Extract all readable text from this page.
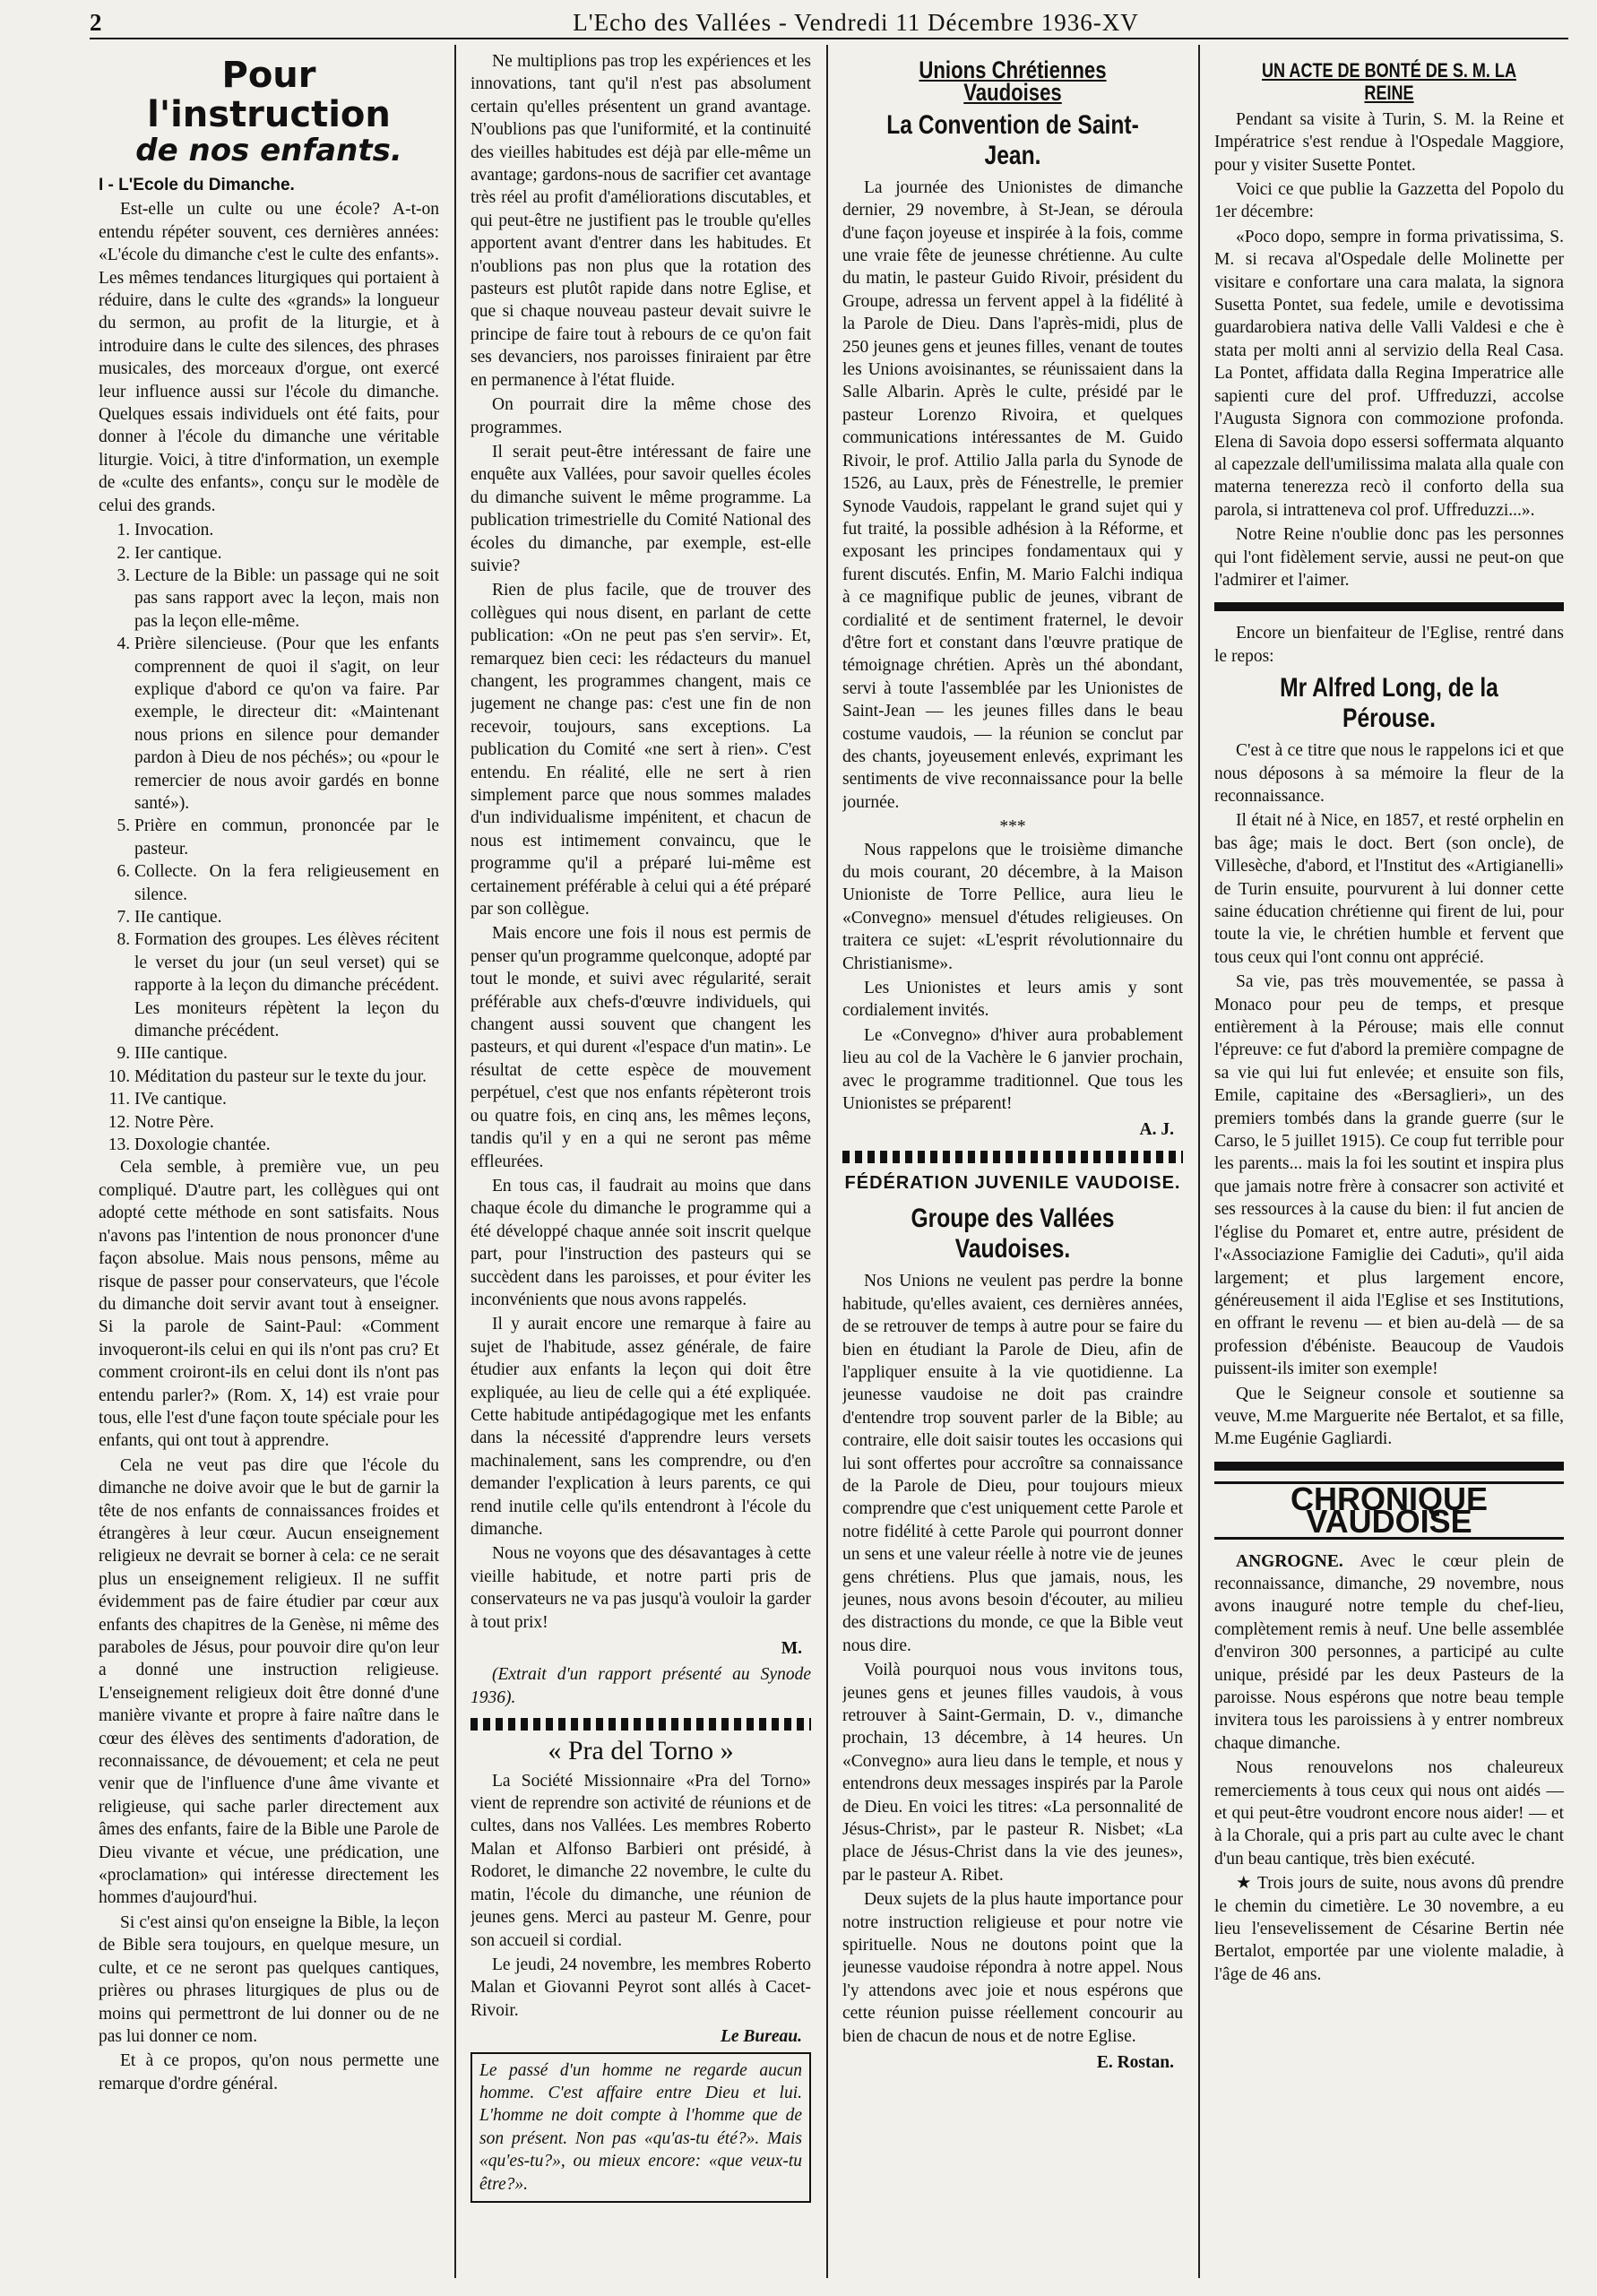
2	L'Echo des Vallées - Vendredi 11 Décembre 1936-XV
Pour l'instruction
de nos enfants.
I - L'Ecole du Dimanche.

Est-elle un culte ou une école? A-t-on entendu répéter souvent, ces dernières années: «L'école du dimanche c'est le culte des enfants». Les mêmes tendances liturgiques qui portaient à réduire, dans le culte des «grands» la longueur du sermon, au profit de la liturgie, et à introduire dans le culte des silences, des phrases musicales, des morceaux d'orgue, ont exercé leur influence aussi sur l'école du dimanche. Quelques essais individuels ont été faits, pour donner à l'école du dimanche une véritable liturgie. Voici, à titre d'information, un exemple de «culte des enfants», conçu sur le modèle de celui des grands.

1. Invocation.
2. Ier cantique.
3. Lecture de la Bible: un passage qui ne soit pas sans rapport avec la leçon, mais non pas la leçon elle-même.
4. Prière silencieuse. (Pour que les enfants comprennent de quoi il s'agit, on leur explique d'abord ce qu'on va faire. Par exemple, le directeur dit: «Maintenant nous prions en silence pour demander pardon à Dieu de nos péchés»; ou «pour le remercier de nous avoir gardés en bonne santé»).
5. Prière en commun, prononcée par le pasteur.
6. Collecte. On la fera religieusement en silence.
7. IIe cantique.
8. Formation des groupes. Les élèves récitent le verset du jour (un seul verset) qui se rapporte à la leçon du dimanche précédent. Les moniteurs répètent la leçon du dimanche précédent.
9. IIIe cantique.
10. Méditation du pasteur sur le texte du jour.
11. IVe cantique.
12. Notre Père.
13. Doxologie chantée.

Cela semble, à première vue, un peu compliqué. D'autre part, les collègues qui ont adopté cette méthode en sont satisfaits. Nous n'avons pas l'intention de nous prononcer d'une façon absolue. Mais nous pensons, même au risque de passer pour conservateurs, que l'école du dimanche doit servir avant tout à enseigner. Si la parole de Saint-Paul: «Comment invoqueront-ils celui en qui ils n'ont pas cru? Et comment croiront-ils en celui dont ils n'ont pas entendu parler?» (Rom. X, 14) est vraie pour tous, elle l'est d'une façon toute spéciale pour les enfants, qui ont tout à apprendre.

Cela ne veut pas dire que l'école du dimanche ne doive avoir que le but de garnir la tête de nos enfants de connaissances froides et étrangères à leur cœur. Aucun enseignement religieux ne devrait se borner à cela: ce ne serait plus un enseignement religieux. Il ne suffit évidemment pas de faire étudier par cœur aux enfants des chapitres de la Genèse, ni même des paraboles de Jésus, pour pouvoir dire qu'on leur a donné une instruction religieuse. L'enseignement religieux doit être donné d'une manière vivante et propre à faire naître dans le cœur des élèves des sentiments d'adoration, de reconnaissance, de dévouement; et cela ne peut venir que de l'influence d'une âme vivante et religieuse, qui sache parler directement aux âmes des enfants, faire de la Bible une Parole de Dieu vivante et vécue, une prédication, une «proclamation» qui intéresse directement les hommes d'aujourd'hui.

Si c'est ainsi qu'on enseigne la Bible, la leçon de Bible sera toujours, en quelque mesure, un culte, et ce ne seront pas quelques cantiques, prières ou phrases liturgiques de plus ou de moins qui permettront de lui donner ou de ne pas lui donner ce nom.

Et à ce propos, qu'on nous permette une remarque d'ordre général.

Ne multiplions pas trop les expériences et les innovations, tant qu'il n'est pas absolument certain qu'elles présentent un grand avantage. N'oublions pas que l'uniformité, et la continuité des vieilles habitudes est déjà par elle-même un avantage; gardons-nous de sacrifier cet avantage très réel au profit d'améliorations discutables, et qui peut-être ne justifient pas le trouble qu'elles apportent avant d'entrer dans les habitudes. Et n'oublions pas non plus que la rotation des pasteurs est plutôt rapide dans notre Eglise, et que si chaque nouveau pasteur devait suivre le principe de faire tout à rebours de ce qu'on fait ses devanciers, nos paroisses finiraient par être en permanence à l'état fluide.

On pourrait dire la même chose des programmes.

Il serait peut-être intéressant de faire une enquête aux Vallées, pour savoir quelles écoles du dimanche suivent le même programme. La publication trimestrielle du Comité National des écoles du dimanche, par exemple, est-elle suivie?

Rien de plus facile, que de trouver des collègues qui nous disent, en parlant de cette publication: «On ne peut pas s'en servir». Et, remarquez bien ceci: les rédacteurs du manuel changent, les programmes changent, mais ce jugement ne change pas: c'est une fin de non recevoir, toujours, sans exceptions. La publication du Comité «ne sert à rien». C'est entendu. En réalité, elle ne sert à rien simplement parce que nous sommes malades d'un individualisme impénitent, et chacun de nous est intimement convaincu, que le programme qu'il a préparé lui-même est certainement préférable à celui qui a été préparé par son collègue.

Mais encore une fois il nous est permis de penser qu'un programme quelconque, adopté par tout le monde, et suivi avec régularité, serait préférable aux chefs-d'œuvre individuels, qui changent aussi souvent que changent les pasteurs, et qui durent «l'espace d'un matin». Le résultat de cette espèce de mouvement perpétuel, c'est que nos enfants répèteront trois ou quatre fois, en cinq ans, les mêmes leçons, tandis qu'il y en a qui ne seront pas même effleurées.

En tous cas, il faudrait au moins que dans chaque école du dimanche le programme qui a été développé chaque année soit inscrit quelque part, pour l'instruction des pasteurs qui se succèdent dans les paroisses, et pour éviter les inconvénients que nous avons rappelés.

Il y aurait encore une remarque à faire au sujet de l'habitude, assez générale, de faire étudier aux enfants la leçon qui doit être expliquée, au lieu de celle qui a été expliquée. Cette habitude antipédagogique met les enfants dans la nécessité d'apprendre leurs versets machinalement, sans les comprendre, ou d'en demander l'explication à leurs parents, ce qui rend inutile celle qu'ils entendront à l'école du dimanche.

Nous ne voyons que des désavantages à cette vieille habitude, et notre parti pris de conservateurs ne va pas jusqu'à vouloir la garder à tout prix!

M.

(Extrait d'un rapport présenté au Synode 1936).

« Pra del Torno »

La Société Missionnaire «Pra del Torno» vient de reprendre son activité de réunions et de cultes, dans nos Vallées. Les membres Roberto Malan et Alfonso Barbieri ont présidé, à Rodoret, le dimanche 22 novembre, le culte du matin, l'école du dimanche, une réunion de jeunes gens. Merci au pasteur M. Genre, pour son accueil si cordial.

Le jeudi, 24 novembre, les membres Roberto Malan et Giovanni Peyrot sont allés à Cacet-Rivoir.

Le Bureau.
Le passé d'un homme ne regarde aucun homme. C'est affaire entre Dieu et lui. L'homme ne doit compte à l'homme que de son présent. Non pas «qu'as-tu été?». Mais «qu'es-tu?», ou mieux encore: «que veux-tu être?».
Unions Chrétiennes Vaudoises
La Convention de Saint-Jean.

La journée des Unionistes de dimanche dernier, 29 novembre, à St-Jean, se déroula d'une façon joyeuse et inspirée à la fois, comme une vraie fête de jeunesse chrétienne. Au culte du matin, le pasteur Guido Rivoir, président du Groupe, adressa un fervent appel à la fidélité à la Parole de Dieu. Dans l'après-midi, plus de 250 jeunes gens et jeunes filles, venant de toutes les Unions avoisinantes, se réunissaient dans la Salle Albarin. Après le culte, présidé par le pasteur Lorenzo Rivoira, et quelques communications intéressantes de M. Guido Rivoir, le prof. Attilio Jalla parla du Synode de 1526, au Laux, près de Fénestrelle, le premier Synode Vaudois, rappelant le grand sujet qui y fut traité, la possible adhésion à la Réforme, et exposant les principes fondamentaux qui y furent discutés. Enfin, M. Mario Falchi indiqua à ce magnifique public de jeunes, vibrant de cordialité et de sentiment fraternel, le devoir d'être fort et constant dans l'œuvre pratique de témoignage chrétien. Après un thé abondant, servi à toute l'assemblée par les Unionistes de Saint-Jean — les jeunes filles dans le beau costume vaudois, — la réunion se conclut par des chants, joyeusement enlevés, exprimant les sentiments de vive reconnaissance pour la belle journée.

***

Nous rappelons que le troisième dimanche du mois courant, 20 décembre, à la Maison Unioniste de Torre Pellice, aura lieu le «Convegno» mensuel d'études religieuses. On traitera ce sujet: «L'esprit révolutionnaire du Christianisme».

Les Unionistes et leurs amis y sont cordialement invités.

Le «Convegno» d'hiver aura probablement lieu au col de la Vachère le 6 janvier prochain, avec le programme traditionnel. Que tous les Unionistes se préparent!

A. J.
FÉDÉRATION JUVENILE VAUDOISE.
Groupe des Vallées Vaudoises.

Nos Unions ne veulent pas perdre la bonne habitude, qu'elles avaient, ces dernières années, de se retrouver de temps à autre pour se faire du bien en étudiant la Parole de Dieu, afin de l'appliquer ensuite à la vie quotidienne. La jeunesse vaudoise ne doit pas craindre d'entendre trop souvent parler de la Bible; au contraire, elle doit saisir toutes les occasions qui lui sont offertes pour accroître sa connaissance de la Parole de Dieu, pour toujours mieux comprendre que c'est uniquement cette Parole et notre fidélité à cette Parole qui pourront donner un sens et une valeur réelle à notre vie de jeunes gens chrétiens. Plus que jamais, nous, les jeunes, nous avons besoin d'écouter, au milieu des distractions du monde, ce que la Bible veut nous dire.

Voilà pourquoi nous vous invitons tous, jeunes gens et jeunes filles vaudois, à vous retrouver à Saint-Germain, D. v., dimanche prochain, 13 décembre, à 14 heures. Un «Convegno» aura lieu dans le temple, et nous y entendrons deux messages inspirés par la Parole de Dieu. En voici les titres: «La personnalité de Jésus-Christ», par le pasteur R. Nisbet; «La place de Jésus-Christ dans la vie des jeunes», par le pasteur A. Ribet.

Deux sujets de la plus haute importance pour notre instruction religieuse et pour notre vie spirituelle. Nous ne doutons point que la jeunesse vaudoise répondra à notre appel. Nous l'y attendons avec joie et nous espérons que cette réunion puisse réellement concourir au bien de chacun de nous et de notre Eglise.

E. Rostan.
UN ACTE DE BONTÉ DE S. M. LA REINE

Pendant sa visite à Turin, S. M. la Reine et Impératrice s'est rendue à l'Ospedale Maggiore, pour y visiter Susette Pontet.

Voici ce que publie la Gazzetta del Popolo du 1er décembre:

«Poco dopo, sempre in forma privatissima, S. M. si recava al'Ospedale delle Molinette per visitare e confortare una cara malata, la signora Susetta Pontet, sua fedele, umile e devotissima guardarobiera nativa delle Valli Valdesi e che è stata per molti anni al servizio della Real Casa. La Pontet, affidata dalla Regina Imperatrice alle sapienti cure del prof. Uffreduzzi, accolse l'Augusta Signora con commozione profonda. Elena di Savoia dopo essersi soffermata alquanto al capezzale dell'umilissima malata alla quale con materna tenerezza recò il conforto della sua parola, si intratteneva col prof. Uffreduzzi...».

Notre Reine n'oublie donc pas les personnes qui l'ont fidèlement servie, aussi ne peut-on que l'admirer et l'aimer.

Encore un bienfaiteur de l'Eglise, rentré dans le repos:

Mr Alfred Long, de la Pérouse.

C'est à ce titre que nous le rappelons ici et que nous déposons à sa mémoire la fleur de la reconnaissance.

Il était né à Nice, en 1857, et resté orphelin en bas âge; mais le doct. Bert (son oncle), de Villesèche, d'abord, et l'Institut des «Artigianelli» de Turin ensuite, pourvurent à lui donner cette saine éducation chrétienne qui firent de lui, pour toute la vie, le chrétien humble et fervent que tous ceux qui l'ont connu ont apprécié.

Sa vie, pas très mouvementée, se passa à Monaco pour peu de temps, et presque entièrement à la Pérouse; mais elle connut l'épreuve: ce fut d'abord la première compagne de sa vie qui lui fut enlevée; et ensuite son fils, Emile, capitaine des «Bersaglieri», un des premiers tombés dans la grande guerre (sur le Carso, le 5 juillet 1915). Ce coup fut terrible pour les parents... mais la foi les soutint et inspira plus que jamais notre frère à consacrer son activité et ses ressources à la cause du bien: il fut ancien de l'église du Pomaret et, entre autre, président de l'«Associazione Famiglie dei Caduti», qu'il aida largement; et plus largement encore, généreusement il aida l'Eglise et ses Institutions, en offrant le revenu — et bien au-delà — de sa profession d'ébéniste. Beaucoup de Vaudois puissent-ils imiter son exemple!

Que le Seigneur console et soutienne sa veuve, M.me Marguerite née Bertalot, et sa fille, M.me Eugénie Gagliardi.

CHRONIQUE VAUDOISE

ANGROGNE. Avec le cœur plein de reconnaissance, dimanche, 29 novembre, nous avons inauguré notre temple du chef-lieu, complètement remis à neuf. Une belle assemblée d'environ 300 personnes, a participé au culte unique, présidé par les deux Pasteurs de la paroisse. Nous espérons que notre beau temple invitera tous les paroissiens à y entrer nombreux chaque dimanche.

Nous renouvelons nos chaleureux remerciements à tous ceux qui nous ont aidés — et qui peut-être voudront encore nous aider! — et à la Chorale, qui a pris part au culte avec le chant d'un beau cantique, très bien exécuté.

★ Trois jours de suite, nous avons dû prendre le chemin du cimetière. Le 30 novembre, a eu lieu l'ensevelissement de Césarine Bertin née Bertalot, emportée par une violente maladie, à l'âge de 46 ans.
